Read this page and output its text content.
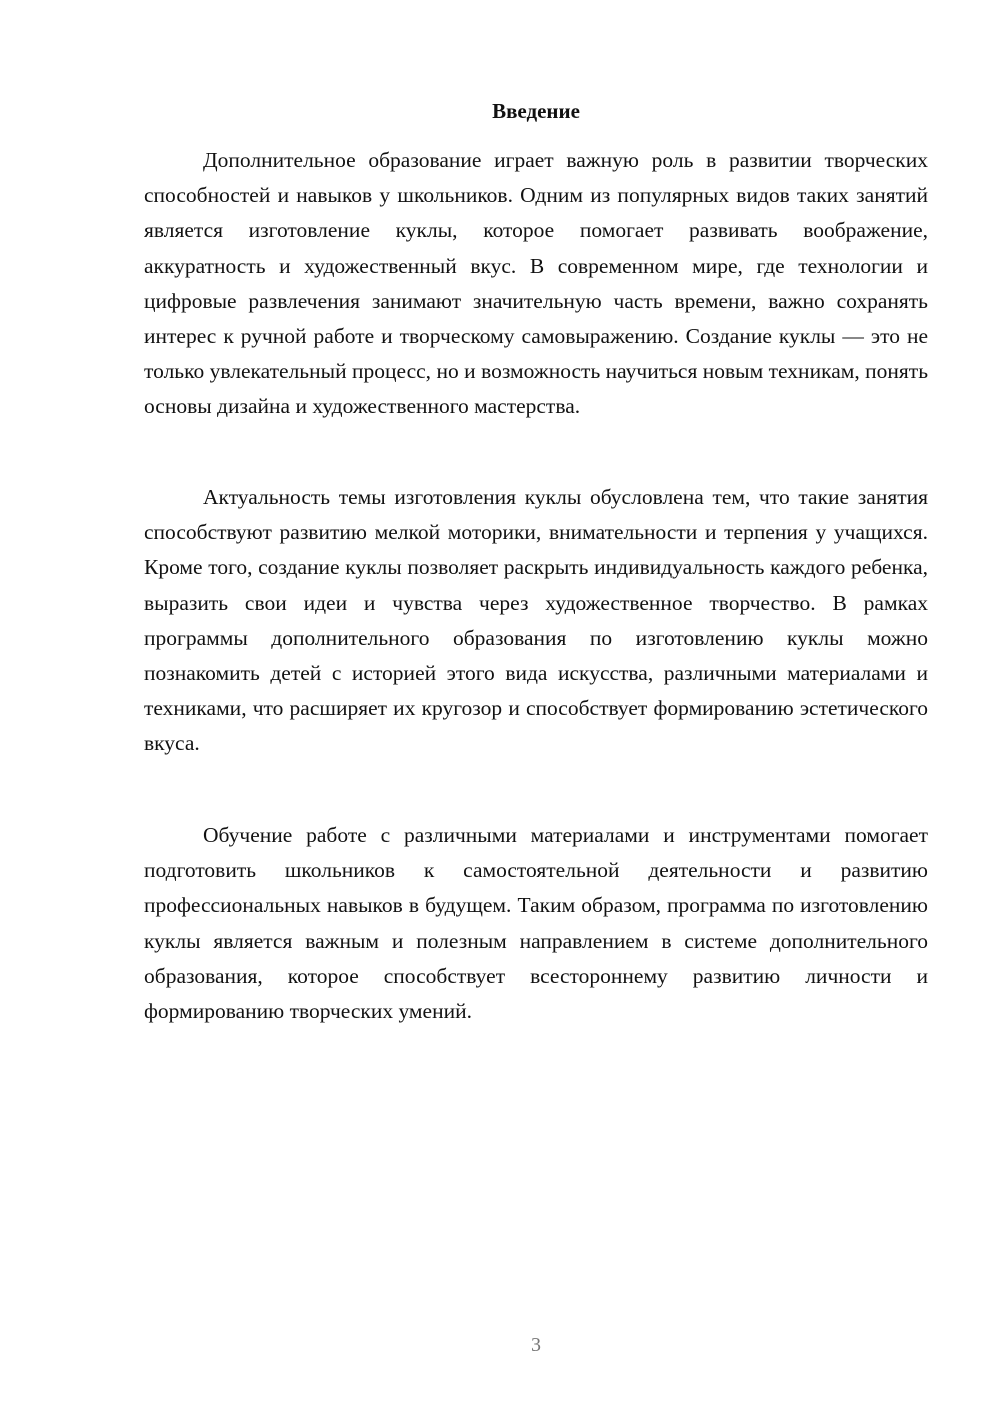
Введение

Дополнительное образование играет важную роль в развитии творческих способностей и навыков у школьников. Одним из популярных видов таких занятий является изготовление куклы, которое помогает развивать воображение, аккуратность и художественный вкус. В современном мире, где технологии и цифровые развлечения занимают значительную часть времени, важно сохранять интерес к ручной работе и творческому самовыражению. Создание куклы — это не только увлекательный процесс, но и возможность научиться новым техникам, понять основы дизайна и художественного мастерства.

Актуальность темы изготовления куклы обусловлена тем, что такие занятия способствуют развитию мелкой моторики, внимательности и терпения у учащихся. Кроме того, создание куклы позволяет раскрыть индивидуальность каждого ребенка, выразить свои идеи и чувства через художественное творчество. В рамках программы дополнительного образования по изготовлению куклы можно познакомить детей с историей этого вида искусства, различными материалами и техниками, что расширяет их кругозор и способствует формированию эстетического вкуса.

Обучение работе с различными материалами и инструментами помогает подготовить школьников к самостоятельной деятельности и развитию профессиональных навыков в будущем. Таким образом, программа по изготовлению куклы является важным и полезным направлением в системе дополнительного образования, которое способствует всестороннему развитию личности и формированию творческих умений.

3
